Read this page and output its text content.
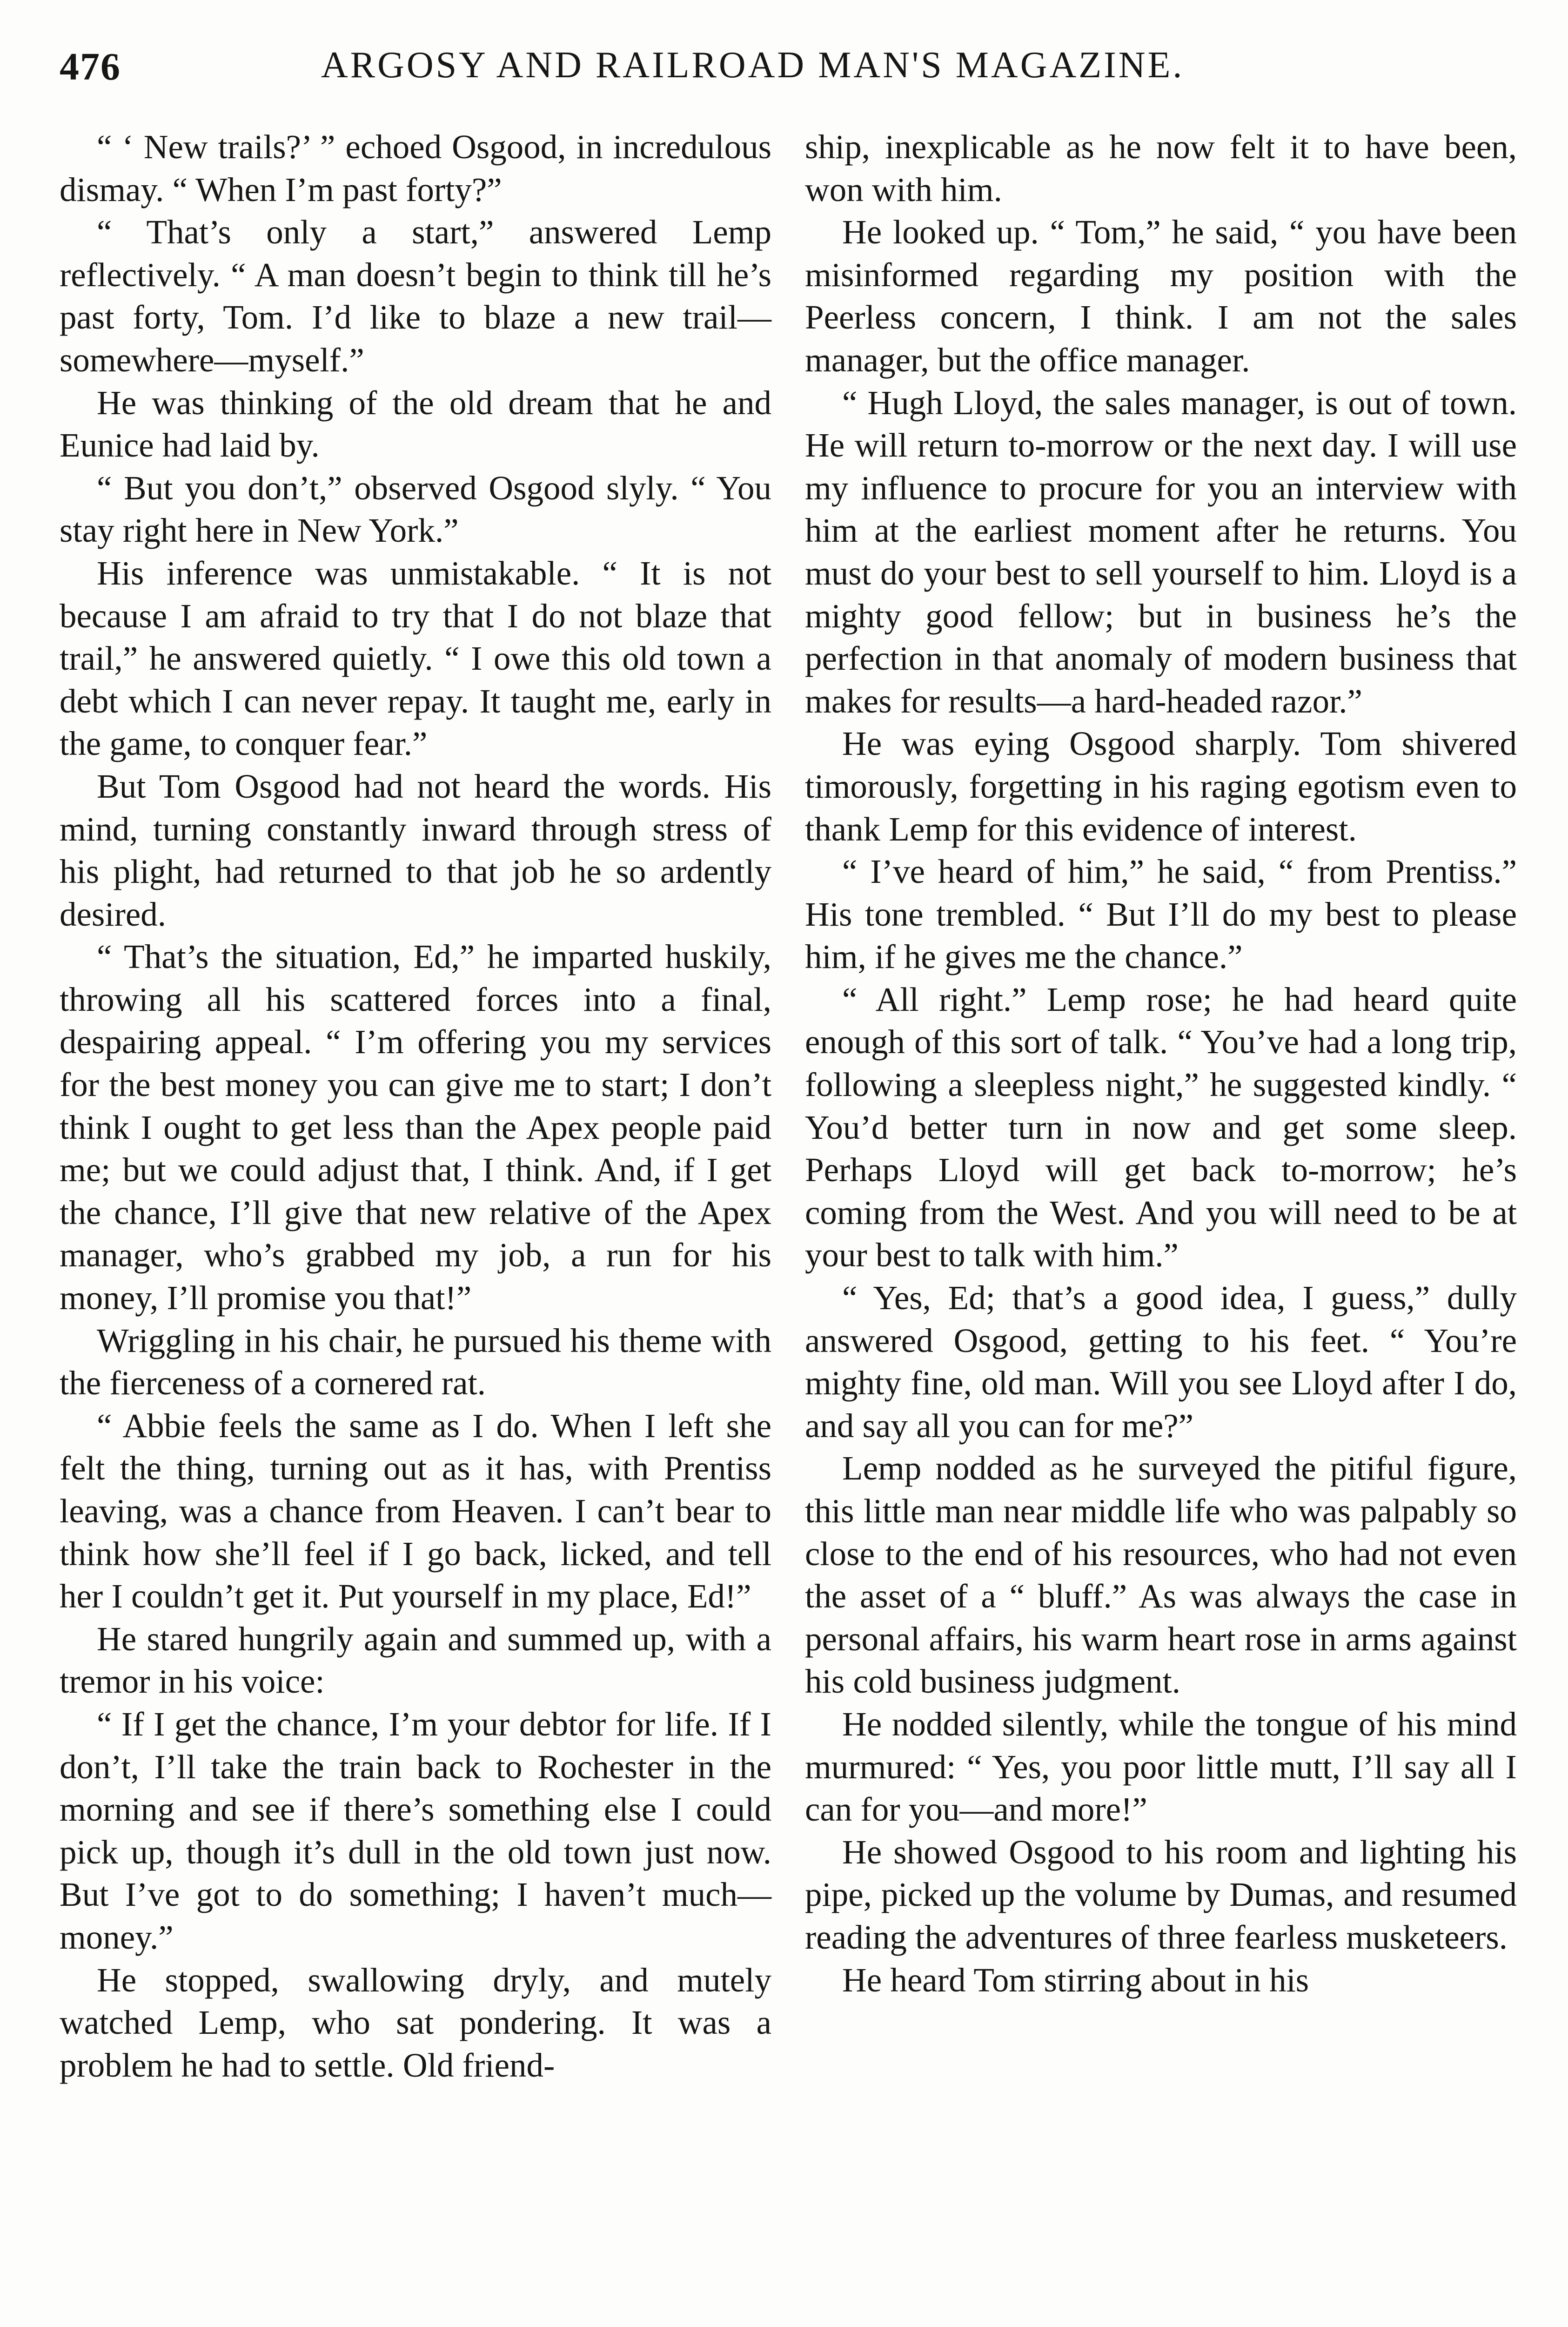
476	ARGOSY AND RAILROAD MAN'S MAGAZINE.

“ ‘ New trails?’ ” echoed Osgood, in incredulous dismay. “ When I’m past forty?”

“ That’s only a start,” answered Lemp reflectively. “ A man doesn’t begin to think till he’s past forty, Tom. I’d like to blaze a new trail—somewhere—myself.”

He was thinking of the old dream that he and Eunice had laid by.

“ But you don’t,” observed Osgood slyly. “ You stay right here in New York.”

His inference was unmistakable. “ It is not because I am afraid to try that I do not blaze that trail,” he answered quietly. “ I owe this old town a debt which I can never repay. It taught me, early in the game, to conquer fear.”

But Tom Osgood had not heard the words. His mind, turning constantly inward through stress of his plight, had returned to that job he so ardently desired.

“ That’s the situation, Ed,” he imparted huskily, throwing all his scattered forces into a final, despairing appeal. “ I’m offering you my services for the best money you can give me to start; I don’t think I ought to get less than the Apex people paid me; but we could adjust that, I think. And, if I get the chance, I’ll give that new relative of the Apex manager, who’s grabbed my job, a run for his money, I’ll promise you that!”

Wriggling in his chair, he pursued his theme with the fierceness of a cornered rat.

“ Abbie feels the same as I do. When I left she felt the thing, turning out as it has, with Prentiss leaving, was a chance from Heaven. I can’t bear to think how she’ll feel if I go back, licked, and tell her I couldn’t get it. Put yourself in my place, Ed!”

He stared hungrily again and summed up, with a tremor in his voice:

“ If I get the chance, I’m your debtor for life. If I don’t, I’ll take the train back to Rochester in the morning and see if there’s something else I could pick up, though it’s dull in the old town just now. But I’ve got to do something; I haven’t much—money.”

He stopped, swallowing dryly, and mutely watched Lemp, who sat pondering. It was a problem he had to settle. Old friend-

ship, inexplicable as he now felt it to have been, won with him.

He looked up. “ Tom,” he said, “ you have been misinformed regarding my position with the Peerless concern, I think. I am not the sales manager, but the office manager.

“ Hugh Lloyd, the sales manager, is out of town. He will return to-morrow or the next day. I will use my influence to procure for you an interview with him at the earliest moment after he returns. You must do your best to sell yourself to him. Lloyd is a mighty good fellow; but in business he’s the perfection in that anomaly of modern business that makes for results—a hard-headed razor.”

He was eying Osgood sharply. Tom shivered timorously, forgetting in his raging egotism even to thank Lemp for this evidence of interest.

“ I’ve heard of him,” he said, “ from Prentiss.” His tone trembled. “ But I’ll do my best to please him, if he gives me the chance.”

“ All right.” Lemp rose; he had heard quite enough of this sort of talk. “ You’ve had a long trip, following a sleepless night,” he suggested kindly. “ You’d better turn in now and get some sleep. Perhaps Lloyd will get back to-morrow; he’s coming from the West. And you will need to be at your best to talk with him.”

“ Yes, Ed; that’s a good idea, I guess,” dully answered Osgood, getting to his feet. “ You’re mighty fine, old man. Will you see Lloyd after I do, and say all you can for me?”

Lemp nodded as he surveyed the pitiful figure, this little man near middle life who was palpably so close to the end of his resources, who had not even the asset of a “ bluff.” As was always the case in personal affairs, his warm heart rose in arms against his cold business judgment.

He nodded silently, while the tongue of his mind murmured: “ Yes, you poor little mutt, I’ll say all I can for you—and more!”

He showed Osgood to his room and lighting his pipe, picked up the volume by Dumas, and resumed reading the adventures of three fearless musketeers.

He heard Tom stirring about in his
